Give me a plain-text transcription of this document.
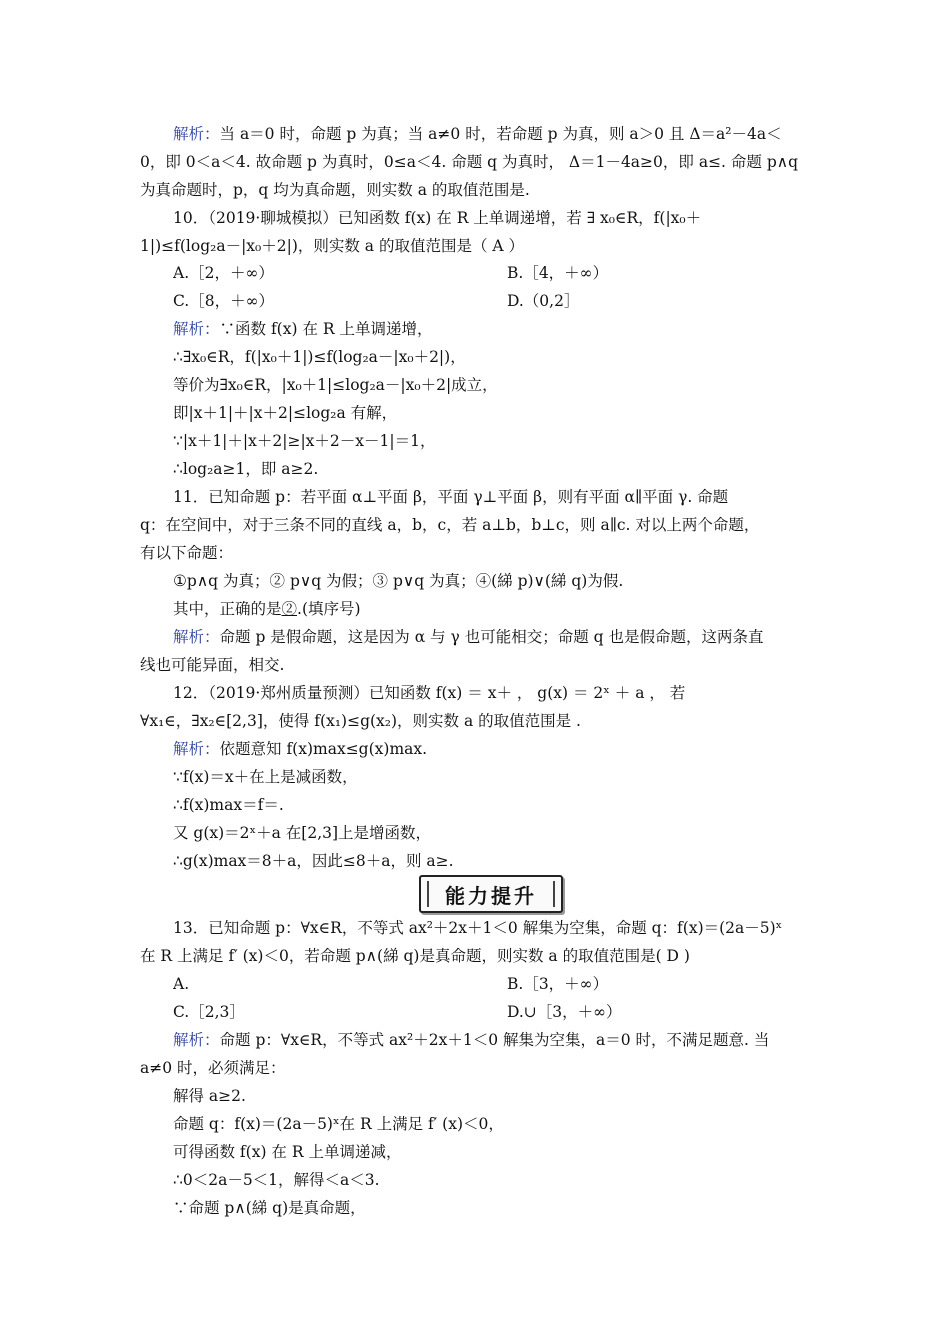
解析：当 a＝0 时，命题 p 为真；当 a≠0 时，若命题 p 为真，则 a＞0 且 Δ＝a²－4a＜
0，即 0＜a＜4. 故命题 p 为真时，0≤a＜4. 命题 q 为真时， Δ＝1－4a≥0，即 a≤. 命题 p∧q
为真命题时，p，q 均为真命题，则实数 a 的取值范围是.
10．（2019·聊城模拟）已知函数 f(x) 在 R 上单调递增，若 ∃ x₀∈R，f(|x₀＋
1|)≤f(log₂a－|x₀＋2|)，则实数 a 的取值范围是（ A ）
A.［2，＋∞）	B.［4，＋∞）
C.［8，＋∞）	D.（0,2］
解析：∵函数 f(x) 在 R 上单调递增，
∴∃x₀∈R，f(|x₀＋1|)≤f(log₂a－|x₀＋2|)，
等价为∃x₀∈R，|x₀＋1|≤log₂a－|x₀＋2|成立，
即|x＋1|＋|x＋2|≤log₂a 有解，
∵|x＋1|＋|x＋2|≥|x＋2－x－1|＝1，
∴log₂a≥1，即 a≥2.
11．已知命题 p：若平面 α⊥平面 β，平面 γ⊥平面 β，则有平面 α∥平面 γ. 命题
q：在空间中，对于三条不同的直线 a，b，c，若 a⊥b，b⊥c，则 a∥c. 对以上两个命题，
有以下命题：
①p∧q 为真；② p∨q 为假；③ p∨q 为真；④(綈 p)∨(綈 q)为假.
其中，正确的是②.(填序号)
解析：命题 p 是假命题，这是因为 α 与 γ 也可能相交；命题 q 也是假命题，这两条直
线也可能异面，相交.
12．（2019·郑州质量预测）已知函数 f(x) ＝ x＋ ， g(x) ＝ 2ˣ ＋ a ， 若
∀x₁∈，∃x₂∈[2,3]，使得 f(x₁)≤g(x₂)，则实数 a 的取值范围是 .
解析：依题意知 f(x)max≤g(x)max.
∵f(x)＝x＋在上是减函数，
∴f(x)max＝f＝.
又 g(x)＝2ˣ＋a 在[2,3]上是增函数，
∴g(x)max＝8＋a，因此≤8＋a，则 a≥.
能力提升
13．已知命题 p：∀x∈R，不等式 ax²＋2x＋1＜0 解集为空集，命题 q：f(x)＝(2a－5)ˣ
在 R 上满足 f′ (x)＜0，若命题 p∧(綈 q)是真命题，则实数 a 的取值范围是( D )
A.	B.［3，＋∞）
C.［2,3］	D.∪［3，＋∞）
解析：命题 p：∀x∈R，不等式 ax²＋2x＋1＜0 解集为空集，a＝0 时，不满足题意. 当
a≠0 时，必须满足：
解得 a≥2.
命题 q：f(x)＝(2a－5)ˣ在 R 上满足 f′ (x)＜0，
可得函数 f(x) 在 R 上单调递减，
∴0＜2a－5＜1，解得＜a＜3.
∵命题 p∧(綈 q)是真命题，
